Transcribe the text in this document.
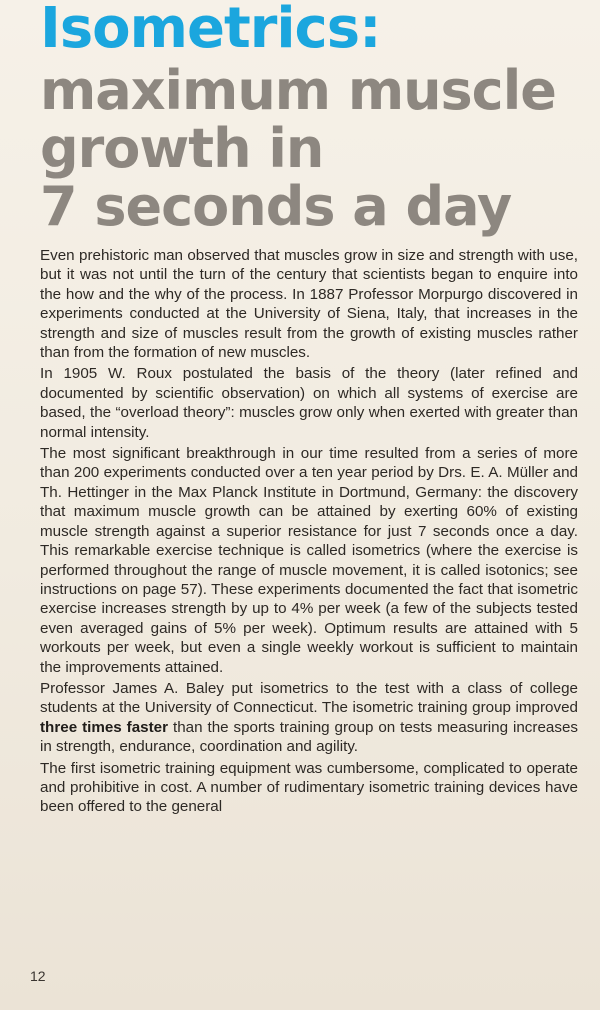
Isometrics:
maximum muscle
growth in
7 seconds a day

Even prehistoric man observed that muscles grow in size and strength with use, but it was not until the turn of the century that scientists began to enquire into the how and the why of the process. In 1887 Professor Morpurgo discovered in experiments conducted at the University of Siena, Italy, that increases in the strength and size of muscles result from the growth of existing muscles rather than from the formation of new muscles.

In 1905 W. Roux postulated the basis of the theory (later refined and documented by scientific observation) on which all systems of exercise are based, the “overload theory”: muscles grow only when exerted with greater than normal intensity.

The most significant breakthrough in our time resulted from a series of more than 200 experiments conducted over a ten year period by Drs. E. A. Müller and Th. Hettinger in the Max Planck Institute in Dortmund, Germany: the discovery that maximum muscle growth can be attained by exerting 60% of existing muscle strength against a superior resistance for just 7 seconds once a day. This remarkable exercise technique is called isometrics (where the exercise is performed throughout the range of muscle movement, it is called isotonics; see instructions on page 57). These experiments documented the fact that isometric exercise increases strength by up to 4% per week (a few of the subjects tested even averaged gains of 5% per week). Optimum results are attained with 5 workouts per week, but even a single weekly workout is sufficient to maintain the improvements attained.

Professor James A. Baley put isometrics to the test with a class of college students at the University of Connecticut. The isometric training group improved three times faster than the sports training group on tests measuring increases in strength, endurance, coordination and agility.

The first isometric training equipment was cumbersome, complicated to operate and prohibitive in cost. A number of rudimentary isometric training devices have been offered to the general

12
